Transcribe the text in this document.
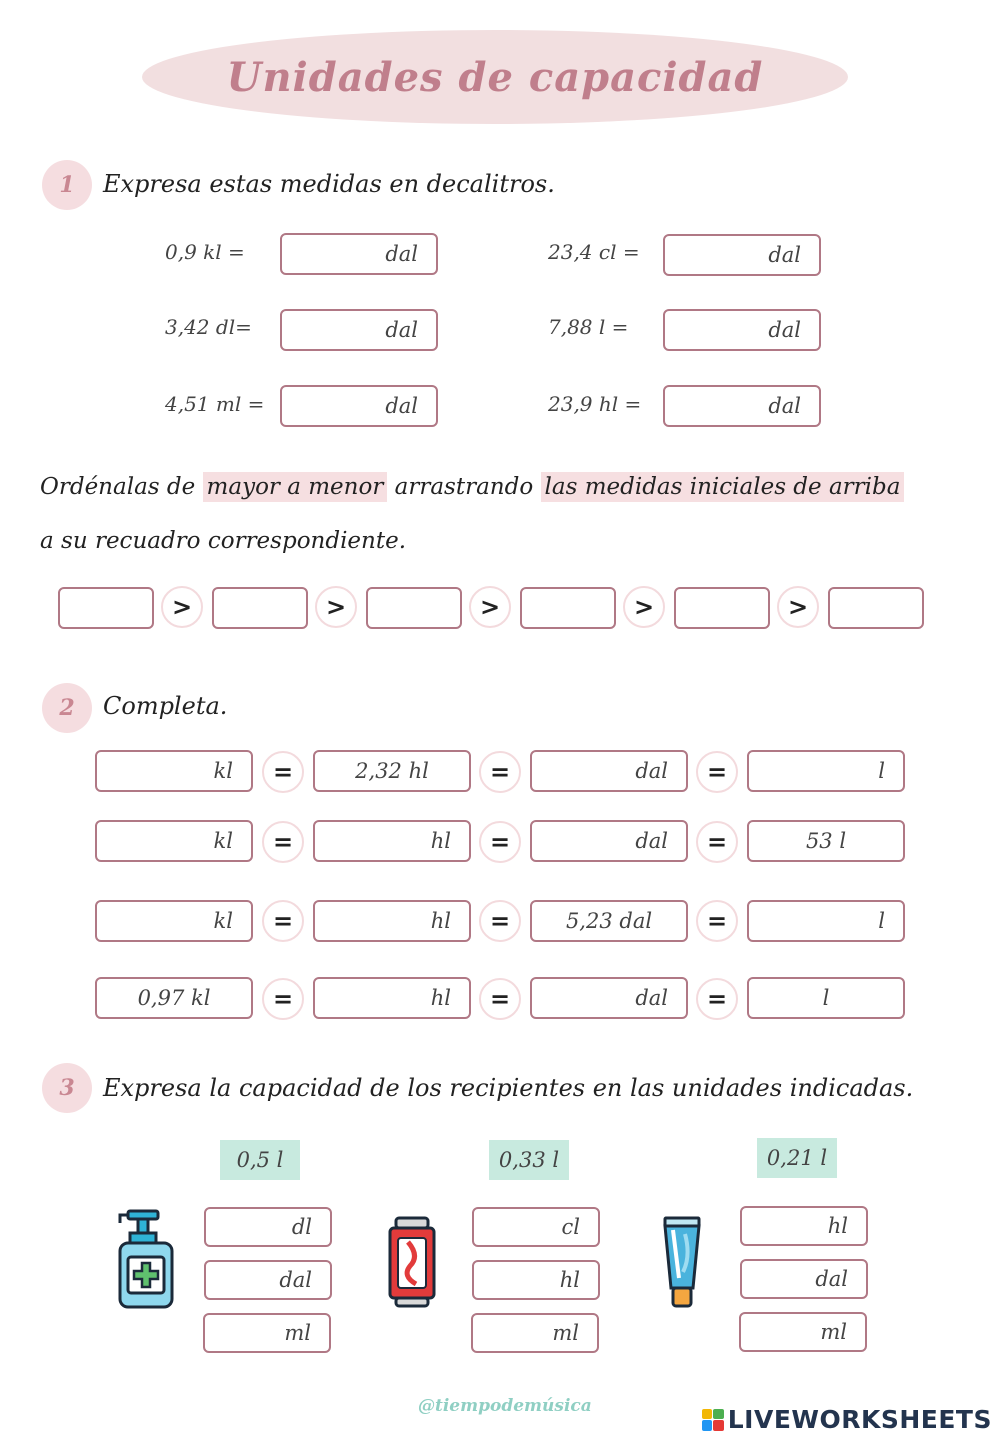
Unidades de capacidad
1	Expresa estas medidas en decalitros.
0,9 kl =	dal	23,4 cl =	dal
3,42 dl=	dal	7,88 l =	dal
4,51 ml =	dal	23,9 hl =	dal
Ordénalas de mayor a menor arrastrando las medidas iniciales de arriba
a su recuadro correspondiente.
>	>	>	>	>
2	Completa.
kl	=	2,32 hl	=	dal	=	l
kl	=	hl	=	dal	=	53 l
kl	=	hl	=	5,23 dal	=	l
0,97 kl	=	hl	=	dal	=	l
3	Expresa la capacidad de los recipientes en las unidades indicadas.
0,5 l
dl
dal
ml
0,33 l
cl
hl
ml
0,21 l
hl
dal
ml
@tiempodemúsica	LIVEWORKSHEETS
